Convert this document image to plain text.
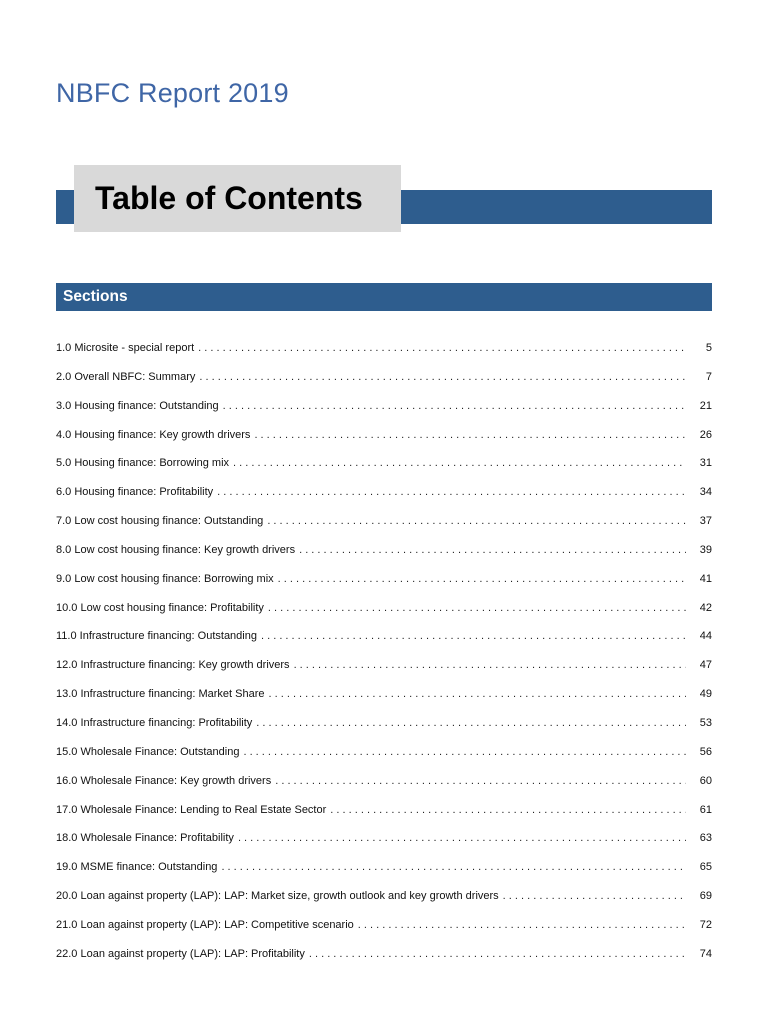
NBFC Report 2019
Table of Contents
Sections
1.0 Microsite - special report . . .	5
2.0 Overall NBFC: Summary . . .	7
3.0 Housing finance: Outstanding . . .	21
4.0 Housing finance: Key growth drivers . . .	26
5.0 Housing finance: Borrowing mix . . .	31
6.0 Housing finance: Profitability . . .	34
7.0 Low cost housing finance: Outstanding . . .	37
8.0 Low cost housing finance: Key growth drivers . . .	39
9.0 Low cost housing finance: Borrowing mix . . .	41
10.0 Low cost housing finance: Profitability . . .	42
11.0 Infrastructure financing: Outstanding . . .	44
12.0 Infrastructure financing: Key growth drivers . . .	47
13.0 Infrastructure financing: Market Share . . .	49
14.0 Infrastructure financing: Profitability . . .	53
15.0 Wholesale Finance: Outstanding . . .	56
16.0 Wholesale Finance: Key growth drivers . . .	60
17.0 Wholesale Finance: Lending to Real Estate Sector . . .	61
18.0 Wholesale Finance: Profitability . . .	63
19.0 MSME finance: Outstanding . . .	65
20.0 Loan against property (LAP): LAP: Market size, growth outlook and key growth drivers . . .	69
21.0 Loan against property (LAP): LAP: Competitive scenario . . .	72
22.0 Loan against property (LAP): LAP: Profitability . . .	74
